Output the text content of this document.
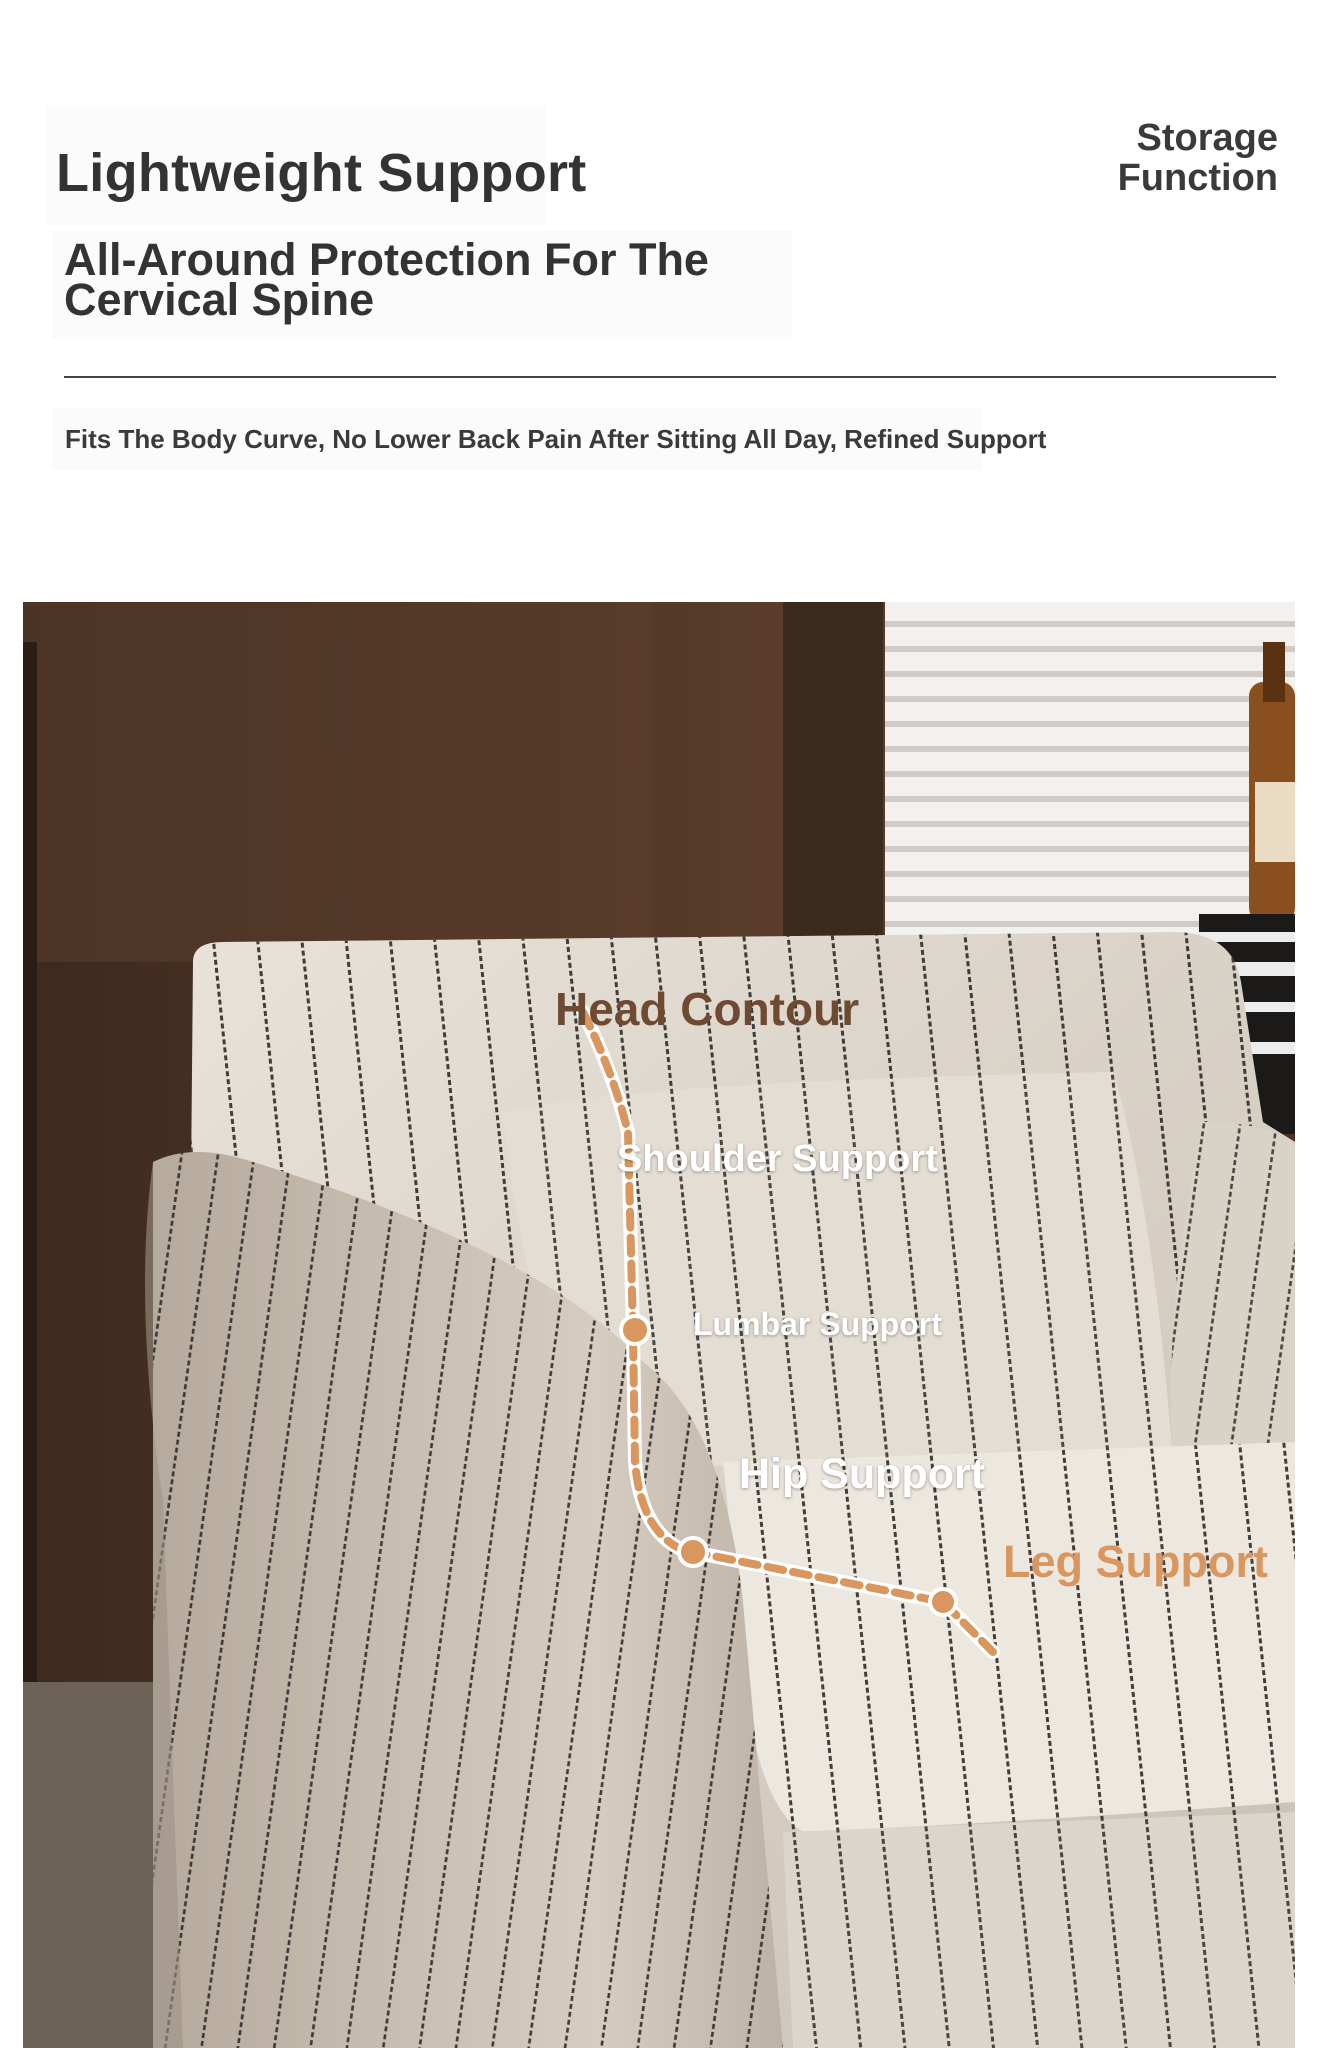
Lightweight Support
Storage
Function
All-Around Protection For The
Cervical Spine
Fits The Body Curve, No Lower Back Pain After Sitting All Day, Refined Support
Head Contour
Shoulder Support
Lumbar Support
Hip Support
Leg Support
